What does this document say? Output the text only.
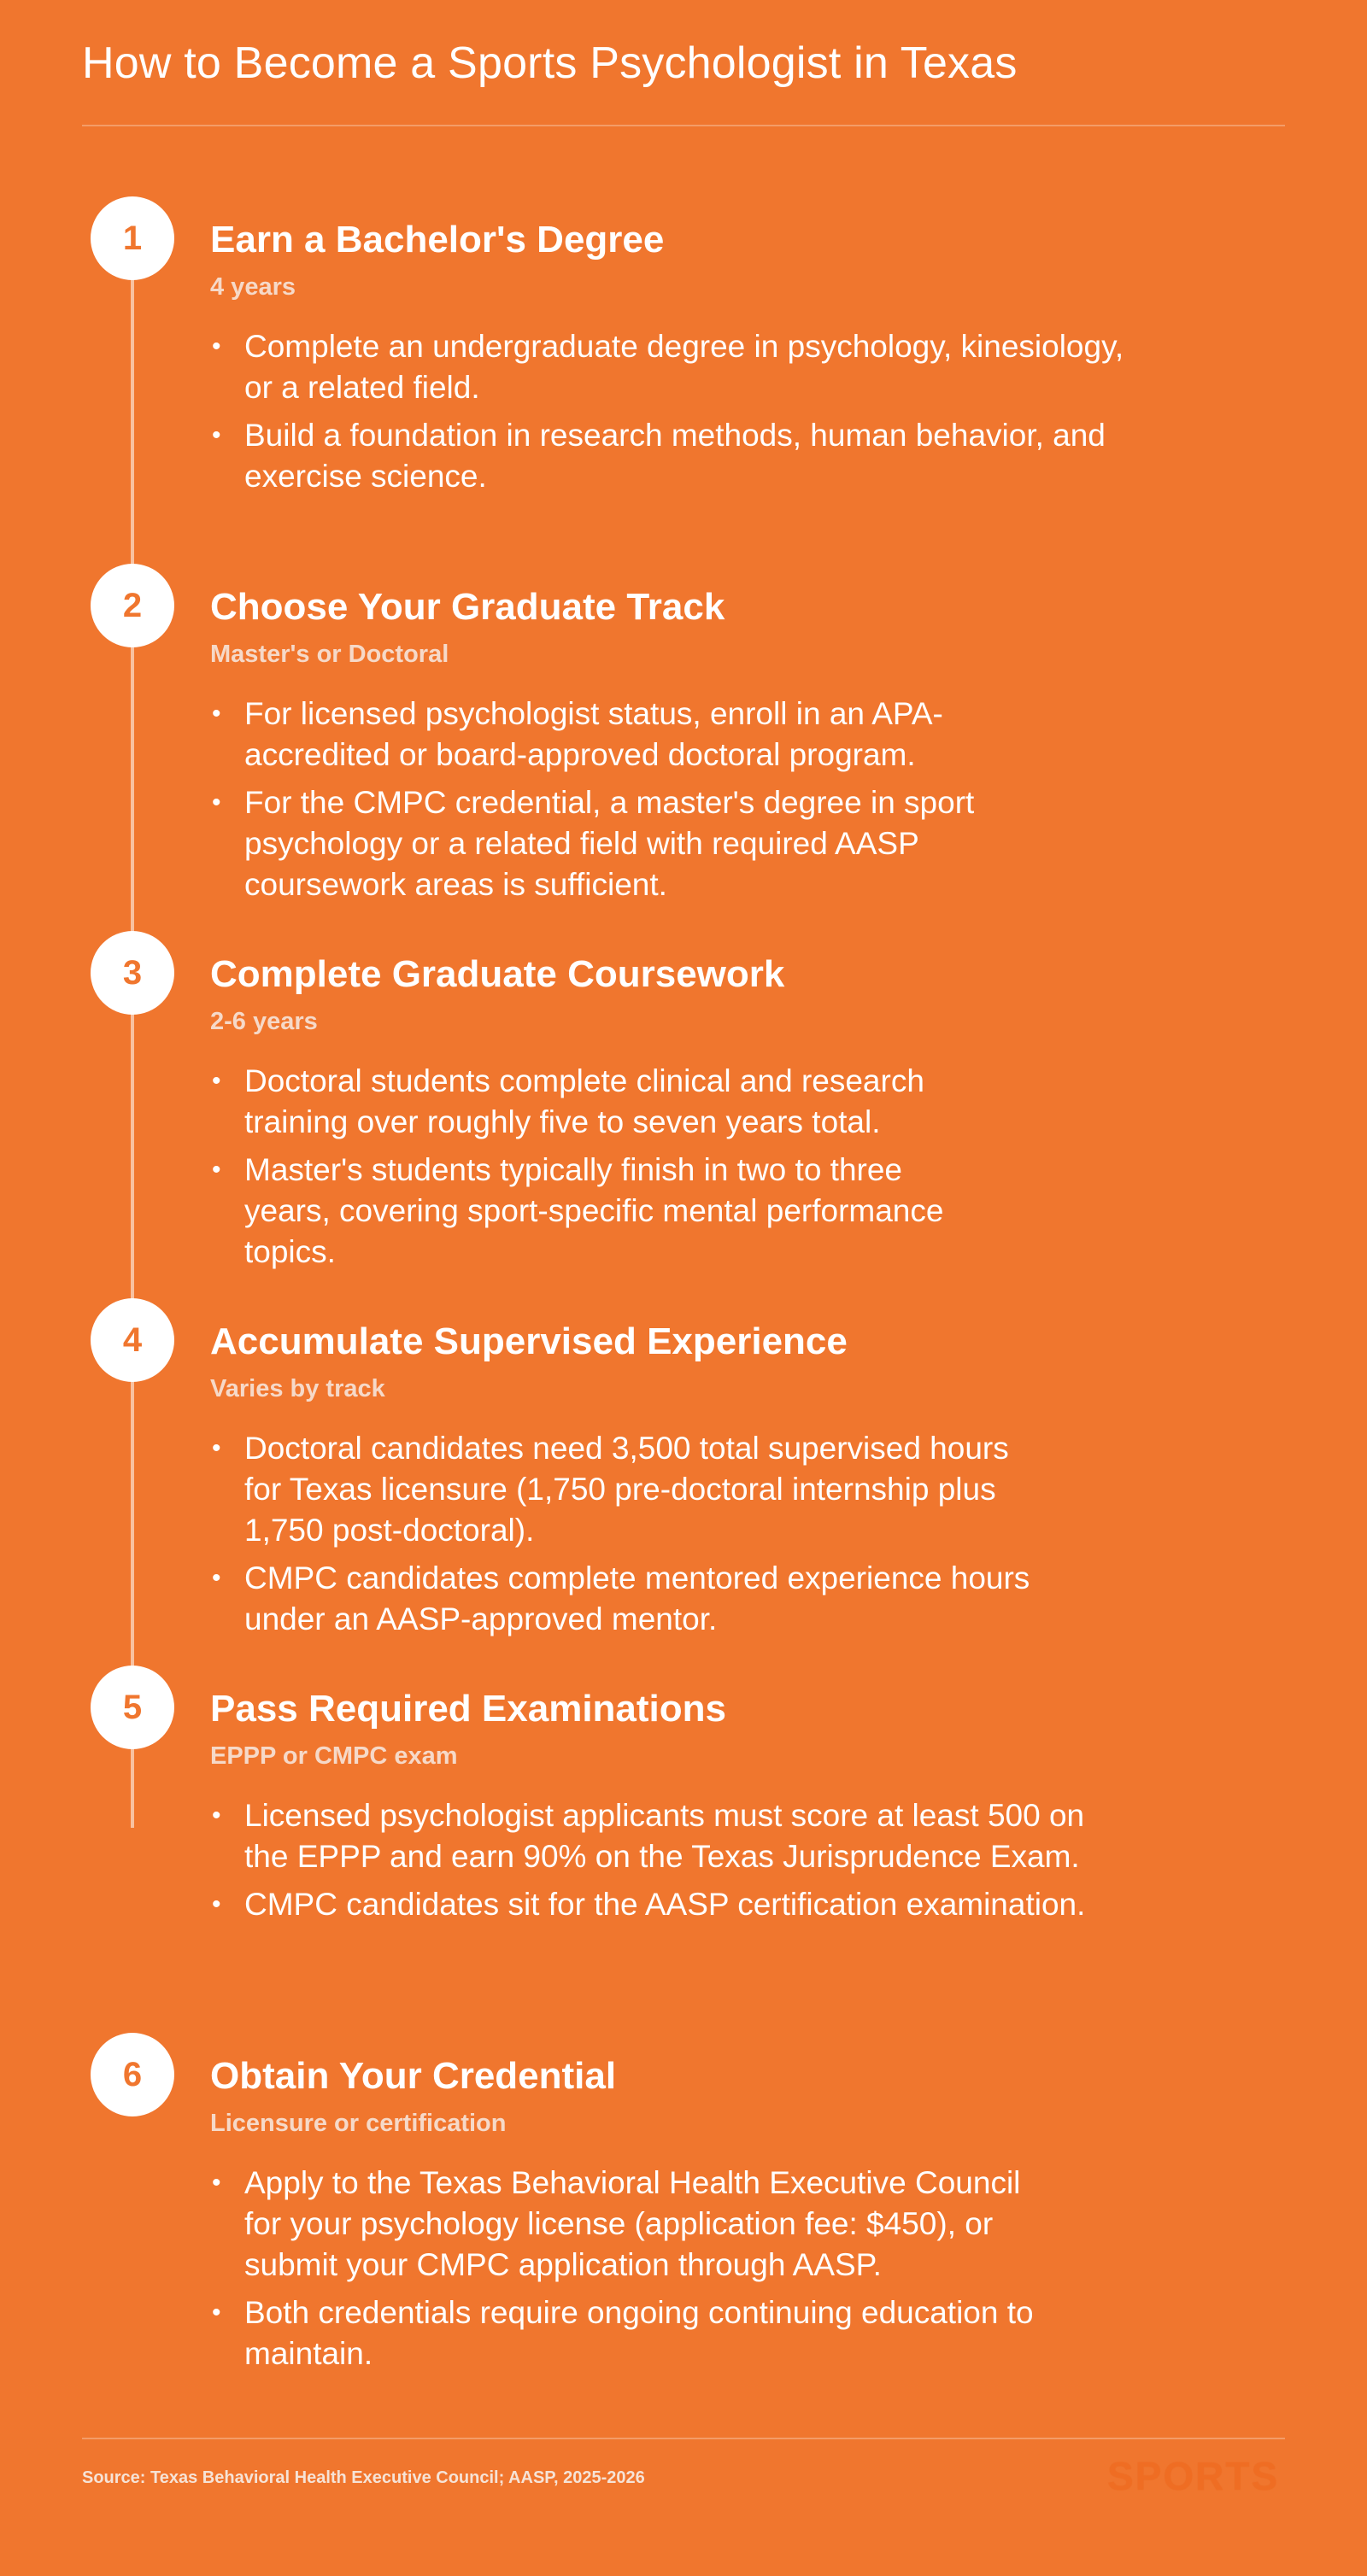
How to Become a Sports Psychologist in Texas
1	Earn a Bachelor's Degree
4 years
• Complete an undergraduate degree in psychology, kinesiology, or a related field.
• Build a foundation in research methods, human behavior, and exercise science.
2	Choose Your Graduate Track
Master's or Doctoral
• For licensed psychologist status, enroll in an APA-accredited or board-approved doctoral program.
• For the CMPC credential, a master's degree in sport psychology or a related field with required AASP coursework areas is sufficient.
3	Complete Graduate Coursework
2-6 years
• Doctoral students complete clinical and research training over roughly five to seven years total.
• Master's students typically finish in two to three years, covering sport-specific mental performance topics.
4	Accumulate Supervised Experience
Varies by track
• Doctoral candidates need 3,500 total supervised hours for Texas licensure (1,750 pre-doctoral internship plus 1,750 post-doctoral).
• CMPC candidates complete mentored experience hours under an AASP-approved mentor.
5	Pass Required Examinations
EPPP or CMPC exam
• Licensed psychologist applicants must score at least 500 on the EPPP and earn 90% on the Texas Jurisprudence Exam.
• CMPC candidates sit for the AASP certification examination.
6	Obtain Your Credential
Licensure or certification
• Apply to the Texas Behavioral Health Executive Council for your psychology license (application fee: $450), or submit your CMPC application through AASP.
• Both credentials require ongoing continuing education to maintain.
Source: Texas Behavioral Health Executive Council; AASP, 2025-2026	SPORTS
